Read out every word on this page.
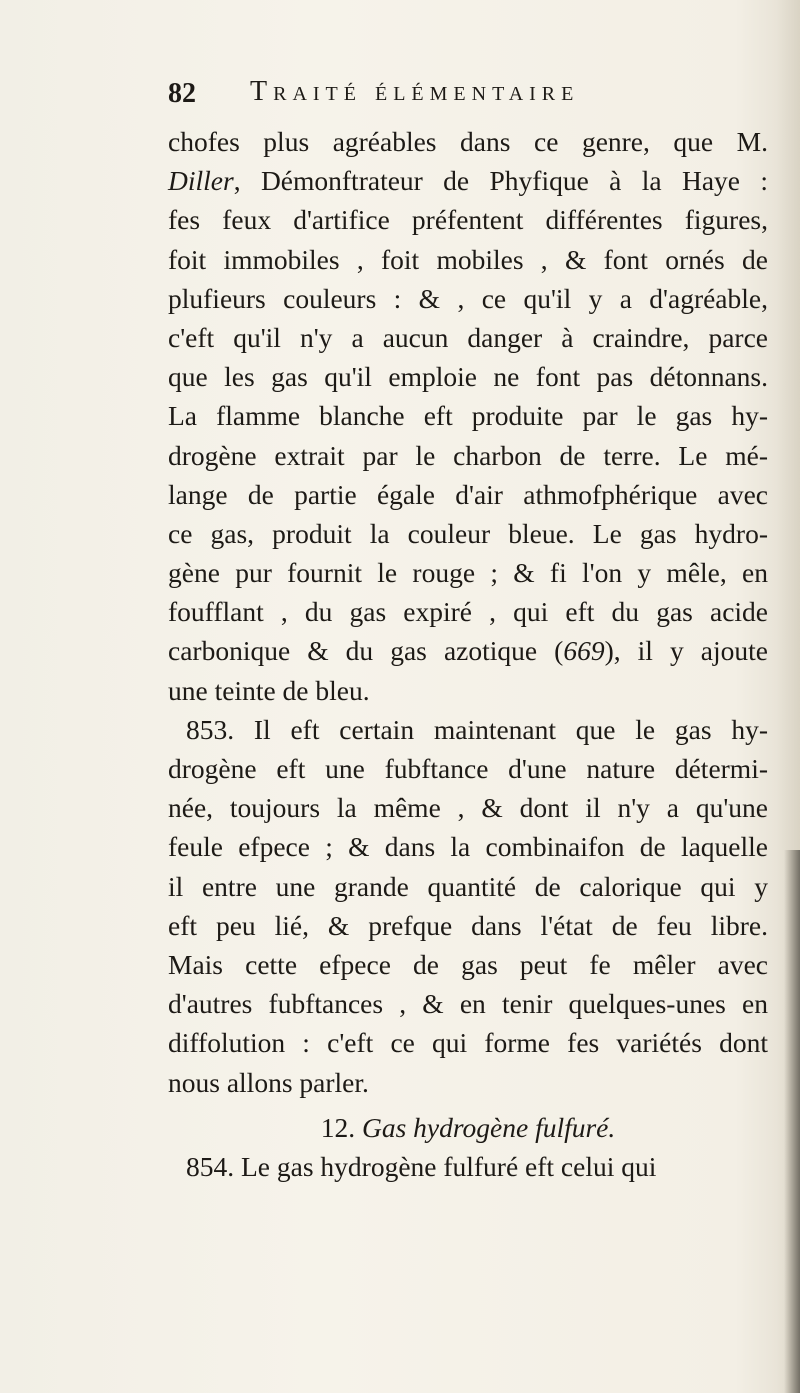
82 Traité élémentaire
chofes plus agréables dans ce genre, que M.
Diller, Démonftrateur de Phyfique à la Haye :
fes feux d'artifice préfentent différentes figures,
foit immobiles , foit mobiles , & font ornés de
plufieurs couleurs : & , ce qu'il y a d'agréable,
c'eft qu'il n'y a aucun danger à craindre, parce
que les gas qu'il emploie ne font pas détonnans.
La flamme blanche eft produite par le gas hy-
drogène extrait par le charbon de terre. Le mé-
lange de partie égale d'air athmofphérique avec
ce gas, produit la couleur bleue. Le gas hydro-
gène pur fournit le rouge ; & fi l'on y mêle, en
foufflant , du gas expiré , qui eft du gas acide
carbonique & du gas azotique (669), il y ajoute
une teinte de bleu.
853. Il eft certain maintenant que le gas hy-
drogène eft une fubftance d'une nature détermi-
née, toujours la même , & dont il n'y a qu'une
feule efpece ; & dans la combinaifon de laquelle
il entre une grande quantité de calorique qui y
eft peu lié, & prefque dans l'état de feu libre.
Mais cette efpece de gas peut fe mêler avec
d'autres fubftances , & en tenir quelques-unes en
diffolution : c'eft ce qui forme fes variétés dont
nous allons parler.
12. Gas hydrogène fulfuré.
854. Le gas hydrogène fulfuré eft celui qui
